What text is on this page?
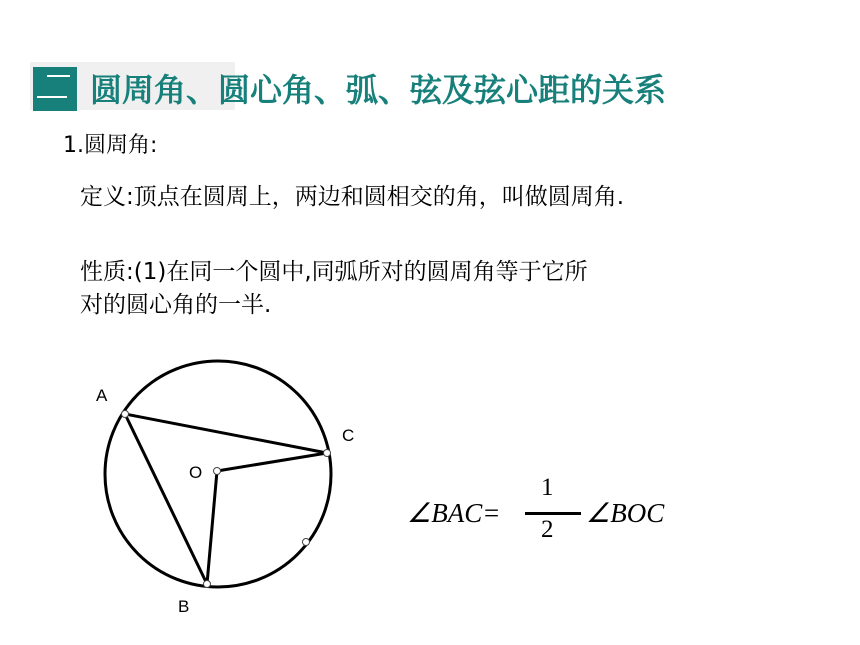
圆周角、圆心角、弧、弦及弦心距的关系
1.圆周角:
定义:顶点在圆周上，两边和圆相交的角，叫做圆周角.
性质:(1)在同一个圆中,同弧所对的圆周角等于它所
对的圆心角的一半.
A
C
O
B
∠BAC=
1
2
∠BOC
